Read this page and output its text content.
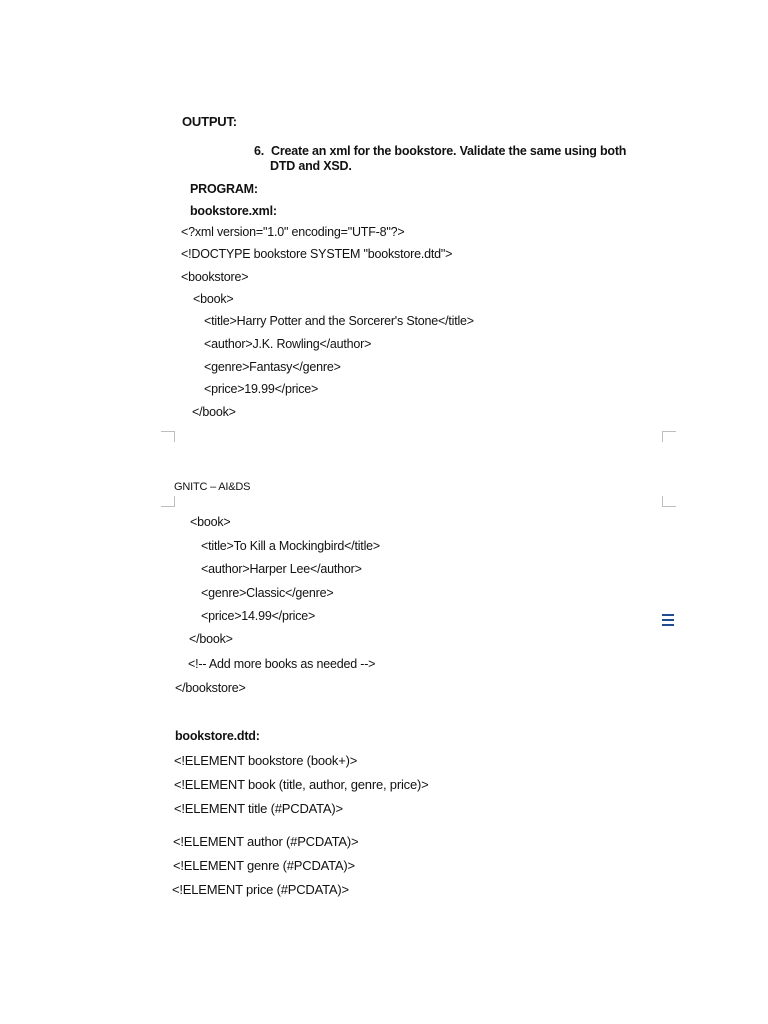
OUTPUT:
6. Create an xml for the bookstore. Validate the same using both
DTD and XSD.
PROGRAM:
bookstore.xml:
<?xml version="1.0" encoding="UTF-8"?>
<!DOCTYPE bookstore SYSTEM "bookstore.dtd">
<bookstore>
<book>
<title>Harry Potter and the Sorcerer's Stone</title>
<author>J.K. Rowling</author>
<genre>Fantasy</genre>
<price>19.99</price>
</book>
GNITC – AI&DS
<book>
<title>To Kill a Mockingbird</title>
<author>Harper Lee</author>
<genre>Classic</genre>
<price>14.99</price>
</book>
<!-- Add more books as needed -->
</bookstore>
bookstore.dtd:
<!ELEMENT bookstore (book+)>
<!ELEMENT book (title, author, genre, price)>
<!ELEMENT title (#PCDATA)>
<!ELEMENT author (#PCDATA)>
<!ELEMENT genre (#PCDATA)>
<!ELEMENT price (#PCDATA)>
